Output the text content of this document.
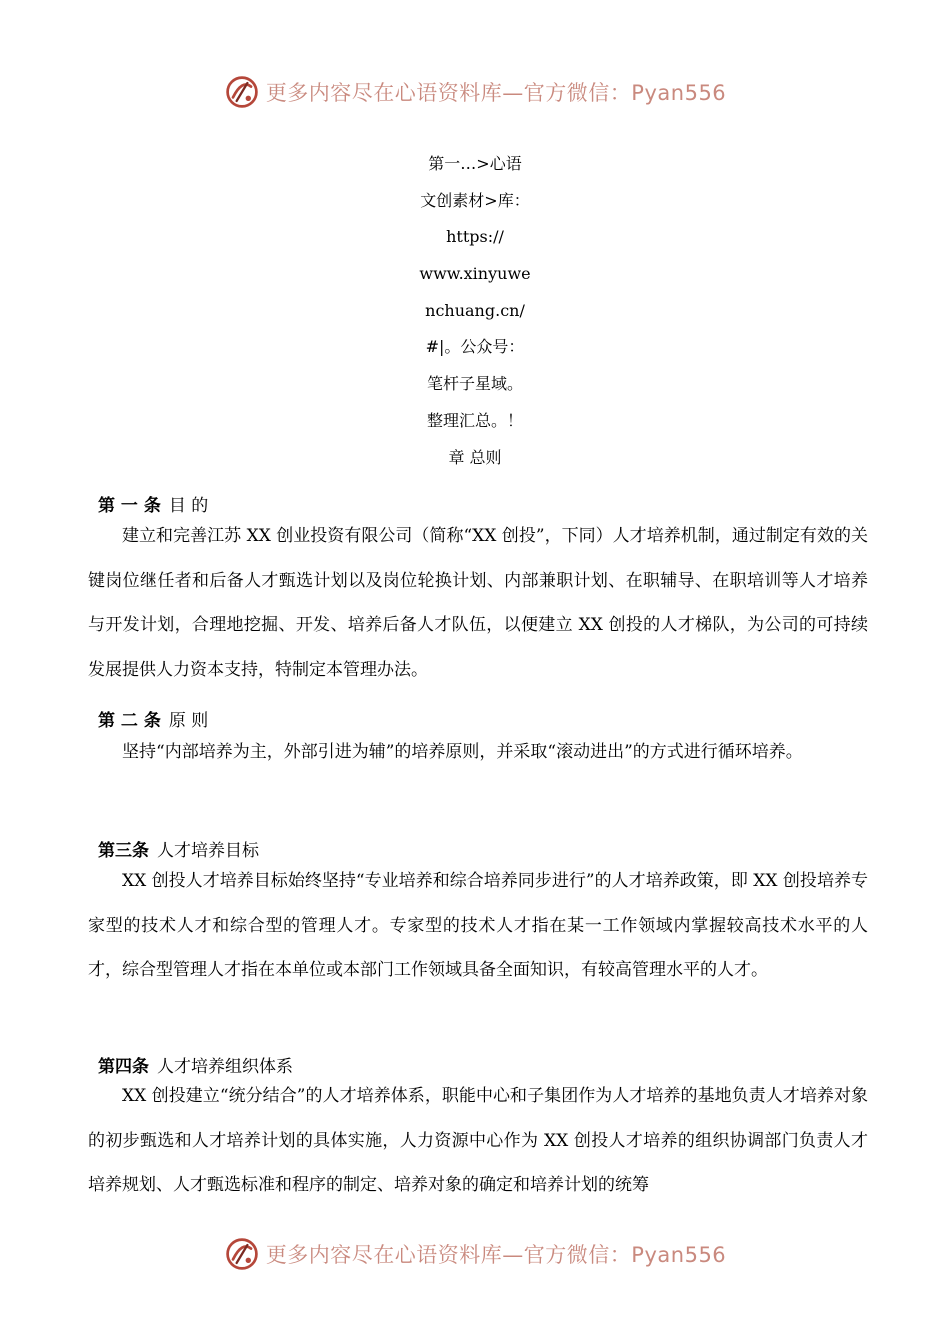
更多内容尽在心语资料库—官方微信：Pyan556
第一…>心语
文创素材>库：
https://
www.xinyuwe
nchuang.cn/
#|。公众号：
笔杆子星域。
整理汇总。！
章 总则
第 一 条 目 的
建立和完善江苏 XX 创业投资有限公司（简称“XX 创投”，下同）人才培养机制，通过制定有效的关键岗位继任者和后备人才甄选计划以及岗位轮换计划、内部兼职计划、在职辅导、在职培训等人才培养与开发计划，合理地挖掘、开发、培养后备人才队伍，以便建立 XX 创投的人才梯队，为公司的可持续发展提供人力资本支持，特制定本管理办法。
第 二 条 原 则
坚持“内部培养为主，外部引进为辅”的培养原则，并采取“滚动进出”的方式进行循环培养。
第三条 人才培养目标
XX 创投人才培养目标始终坚持“专业培养和综合培养同步进行”的人才培养政策，即 XX 创投培养专家型的技术人才和综合型的管理人才。专家型的技术人才指在某一工作领域内掌握较高技术水平的人才，综合型管理人才指在本单位或本部门工作领域具备全面知识，有较高管理水平的人才。
第四条 人才培养组织体系
XX 创投建立“统分结合”的人才培养体系，职能中心和子集团作为人才培养的基地负责人才培养对象的初步甄选和人才培养计划的具体实施，人力资源中心作为 XX 创投人才培养的组织协调部门负责人才培养规划、人才甄选标准和程序的制定、培养对象的确定和培养计划的统筹
更多内容尽在心语资料库—官方微信：Pyan556
